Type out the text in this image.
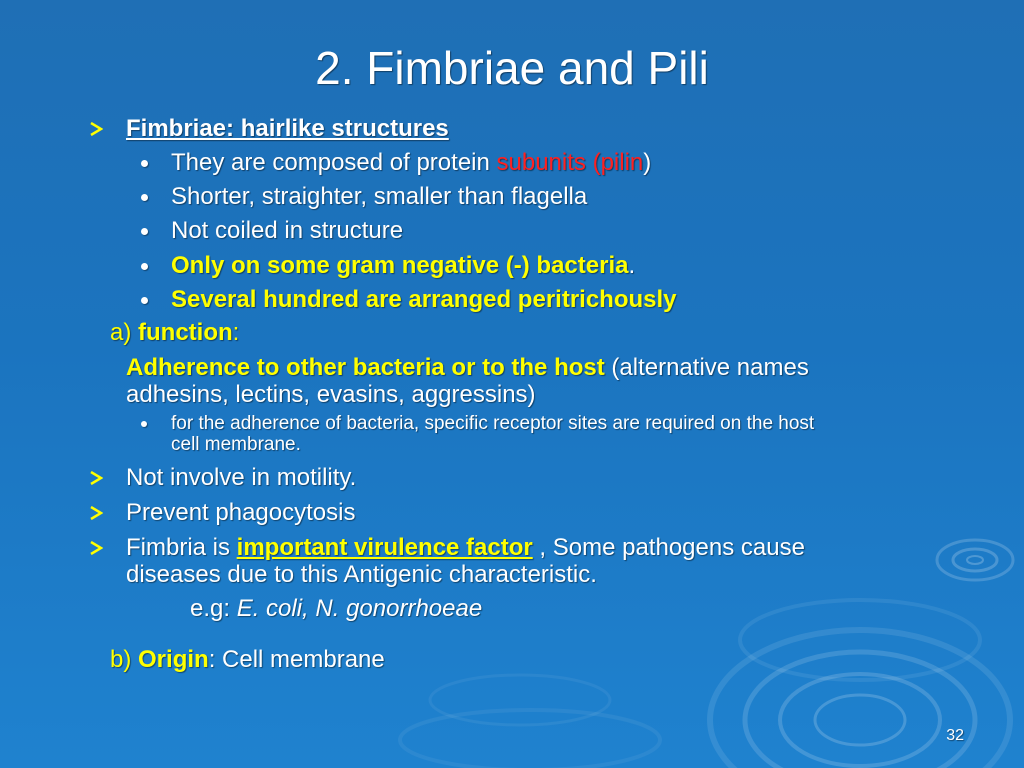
2. Fimbriae and Pili
Fimbriae: hairlike structures
They are composed of protein subunits (pilin)
Shorter, straighter, smaller than flagella
Not coiled in structure
Only on some gram negative (-) bacteria.
Several hundred are arranged peritrichously
a) function:
Adherence to other bacteria or to the host (alternative names
adhesins, lectins, evasins, aggressins)
for the adherence of bacteria, specific receptor sites are required on the host
cell membrane.
Not involve in motility.
Prevent phagocytosis
Fimbria is important virulence factor , Some pathogens cause
diseases due to this Antigenic characteristic.
e.g: E. coli, N. gonorrhoeae
b) Origin: Cell membrane
32
